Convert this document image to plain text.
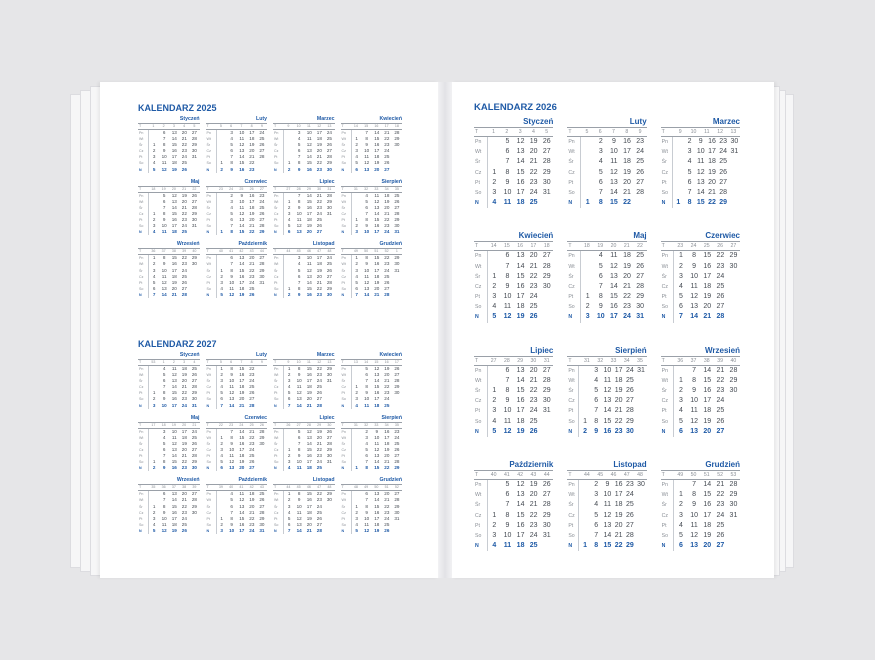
KALENDARZ 2025
Styczeń
T	1	2	3	4	5
Pn	6	13	20	27
Wt	7	14	21	28
Śr	1	8	15	22	29
Cz	2	9	16	23	30
Pt	3	10	17	24	31
So	4	11	18	25
N	5	12	19	26
Luty
T	5	6	7	8	9
Pn	3	10	17	24
Wt	4	11	18	25
Śr	5	12	19	26
Cz	6	13	20	27
Pt	7	14	21	28
So	1	8	15	22
N	2	9	16	23
Marzec
T	9	10	11	12	13
Pn	3	10	17	24
Wt	4	11	18	25
Śr	5	12	19	26
Cz	6	13	20	27
Pt	7	14	21	28
So	1	8	15	22	29
N	2	9	16	23	30
Kwiecień
T	14	15	16	17	18
Pn	7	14	21	28
Wt	1	8	15	22	29
Śr	2	9	16	23	30
Cz	3	10	17	24
Pt	4	11	18	25
So	5	12	19	26
N	6	13	20	27
Maj
T	18	19	20	21	22
Pn	5	12	19	26
Wt	6	13	20	27
Śr	7	14	21	28
Cz	1	8	15	22	29
Pt	2	9	16	23	30
So	3	10	17	24	31
N	4	11	18	25
Czerwiec
T	23	24	25	26	27
Pn	2	9	16	23
Wt	3	10	17	24
Śr	4	11	18	25
Cz	5	12	19	26
Pt	6	13	20	27
So	7	14	21	28
N	1	8	15	22	29
Lipiec
T	27	28	29	30	31
Pn	7	14	21	28
Wt	1	8	15	22	29
Śr	2	9	16	23	30
Cz	3	10	17	24	31
Pt	4	11	18	25
So	5	12	19	26
N	6	13	20	27
Sierpień
T	31	32	33	34	35
Pn	4	11	18	25
Wt	5	12	19	26
Śr	6	13	20	27
Cz	7	14	21	28
Pt	1	8	15	22	29
So	2	9	16	23	30
N	3	10	17	24	31
Wrzesień
T	36	37	38	39	40
Pn	1	8	15	22	29
Wt	2	9	16	23	30
Śr	3	10	17	24
Cz	4	11	18	25
Pt	5	12	19	26
So	6	13	20	27
N	7	14	21	28
Październik
T	40	41	42	43	44
Pn	6	13	20	27
Wt	7	14	21	28
Śr	1	8	15	22	29
Cz	2	9	16	23	30
Pt	3	10	17	24	31
So	4	11	18	25
N	5	12	19	26
Listopad
T	44	45	46	47	48
Pn	3	10	17	24
Wt	4	11	18	25
Śr	5	12	19	26
Cz	6	13	20	27
Pt	7	14	21	28
So	1	8	15	22	29
N	2	9	16	23	30
Grudzień
T	49	50	51	52	1
Pn	1	8	15	22	29
Wt	2	9	16	23	30
Śr	3	10	17	24	31
Cz	4	11	18	25
Pt	5	12	19	26
So	6	13	20	27
N	7	14	21	28
KALENDARZ 2027
Styczeń
T	53	1	2	3	4
Pn	4	11	18	25
Wt	5	12	19	26
Śr	6	13	20	27
Cz	7	14	21	28
Pt	1	8	15	22	29
So	2	9	16	23	30
N	3	10	17	24	31
Luty
T	5	6	7	8	9
Pn	1	8	15	22
Wt	2	9	16	23
Śr	3	10	17	24
Cz	4	11	18	25
Pt	5	12	19	26
So	6	13	20	27
N	7	14	21	28
Marzec
T	9	10	11	12	13
Pn	1	8	15	22	29
Wt	2	9	16	23	30
Śr	3	10	17	24	31
Cz	4	11	18	25
Pt	5	12	19	26
So	6	13	20	27
N	7	14	21	28
Kwiecień
T	13	14	15	16	17
Pn	5	12	19	26
Wt	6	13	20	27
Śr	7	14	21	28
Cz	1	8	15	22	29
Pt	2	9	16	23	30
So	3	10	17	24
N	4	11	18	25
Maj
T	17	18	19	20	21
Pn	3	10	17	24
Wt	4	11	18	25
Śr	5	12	19	26
Cz	6	13	20	27
Pt	7	14	21	28
So	1	8	15	22	29
N	2	9	16	23	30
Czerwiec
T	22	23	24	25	26
Pn	7	14	21	28
Wt	1	8	15	22	29
Śr	2	9	16	23	30
Cz	3	10	17	24
Pt	4	11	18	25
So	5	12	19	26
N	6	13	20	27
Lipiec
T	26	27	28	29	30
Pn	5	12	19	26
Wt	6	13	20	27
Śr	7	14	21	28
Cz	1	8	15	22	29
Pt	2	9	16	23	30
So	3	10	17	24	31
N	4	11	18	25
Sierpień
T	31	32	33	34	35
Pn	2	9	16	23
Wt	3	10	17	24
Śr	4	11	18	25
Cz	5	12	19	26
Pt	6	13	20	27
So	7	14	21	28
N	1	8	15	22	29
Wrzesień
T	35	36	37	38	39
Pn	6	13	20	27
Wt	7	14	21	28
Śr	1	8	15	22	29
Cz	2	9	16	23	30
Pt	3	10	17	24
So	4	11	18	25
N	5	12	19	26
Październik
T	39	40	41	42	43
Pn	4	11	18	25
Wt	5	12	19	26
Śr	6	13	20	27
Cz	7	14	21	28
Pt	1	8	15	22	29
So	2	9	16	23	30
N	3	10	17	24	31
Listopad
T	44	45	46	47	48
Pn	1	8	15	22	29
Wt	2	9	16	23	30
Śr	3	10	17	24
Cz	4	11	18	25
Pt	5	12	19	26
So	6	13	20	27
N	7	14	21	28
Grudzień
T	48	49	50	51	52
Pn	6	13	20	27
Wt	7	14	21	28
Śr	1	8	15	22	29
Cz	2	9	16	23	30
Pt	3	10	17	24	31
So	4	11	18	25
N	5	12	19	26
KALENDARZ 2026
Styczeń
T	1	2	3	4	5
Pn	5	12 19 26
Wt	6	13 20 27
Śr	7	14 21 28
Cz	1	8	15 22 29
Pt	2	9	16 23 30
So	3	10 17 24 31
N	4	11 18 25
Luty
T	5	6	7	8	9
Pn	2	9	16 23
Wt	3	10 17 24
Śr	4	11 18 25
Cz	5	12 19 26
Pt	6	13 20 27
So	7	14 21 28
N	1	8	15 22
Marzec
T	9	10	11	12	13
Pn	2	9 16 23 30
Wt	3 10 17 24 31
Śr	4 11 18 25
Cz	5 12 19 26
Pt	6 13 20 27
So	7 14 21 28
N	1	8 15 22 29
Kwiecień
T	14	15	16	17	18
Pn	6	13 20 27
Wt	7	14 21 28
Śr	1	8	15 22 29
Cz	2	9	16 23 30
Pt	3	10 17 24
So	4	11 18 25
N	5	12 19 26
Maj
T	18	19	20	21	22
Pn	4	11 18 25
Wt	5	12 19 26
Śr	6	13 20 27
Cz	7	14 21 28
Pt	1	8	15 22 29
So	2	9	16 23 30
N	3	10 17 24 31
Czerwiec
T	23	24	25	26	27
Pn	1	8	15 22 29
Wt	2	9	16 23 30
Śr	3	10 17 24
Cz	4	11 18 25
Pt	5	12 19 26
So	6	13 20 27
N	7	14 21 28
Lipiec
T	27	28	29	30	31
Pn	6	13 20 27
Wt	7	14 21 28
Śr	1	8	15 22 29
Cz	2	9	16 23 30
Pt	3	10 17 24 31
So	4	11 18 25
N	5	12 19 26
Sierpień
T	31	32	33	34	35
Pn	3 10 17 24 31
Wt	4 11 18 25
Śr	5 12 19 26
Cz	6 13 20 27
Pt	7 14 21 28
So	1	8 15 22 29
N	2	9 16 23 30
Wrzesień
T	36	37	38	39	40
Pn	7	14 21 28
Wt	1	8	15 22 29
Śr	2	9	16 23 30
Cz	3	10 17 24
Pt	4	11 18 25
So	5	12 19 26
N	6	13 20 27
Październik
T	40	41	42	43	44
Pn	5	12 19 26
Wt	6	13 20 27
Śr	7	14 21 28
Cz	1	8	15 22 29
Pt	2	9	16 23 30
So	3	10 17 24 31
N	4	11 18 25
Listopad
T	44	45	46	47	48
Pn	2	9 16 23 30
Wt	3 10 17 24
Śr	4 11 18 25
Cz	5 12 19 26
Pt	6 13 20 27
So	7 14 21 28
N	1	8 15 22 29
Grudzień
T	49	50	51	52	53
Pn	7	14 21 28
Wt	1	8	15 22 29
Śr	2	9	16 23 30
Cz	3	10 17 24 31
Pt	4	11 18 25
So	5	12 19 26
N	6	13 20 27
